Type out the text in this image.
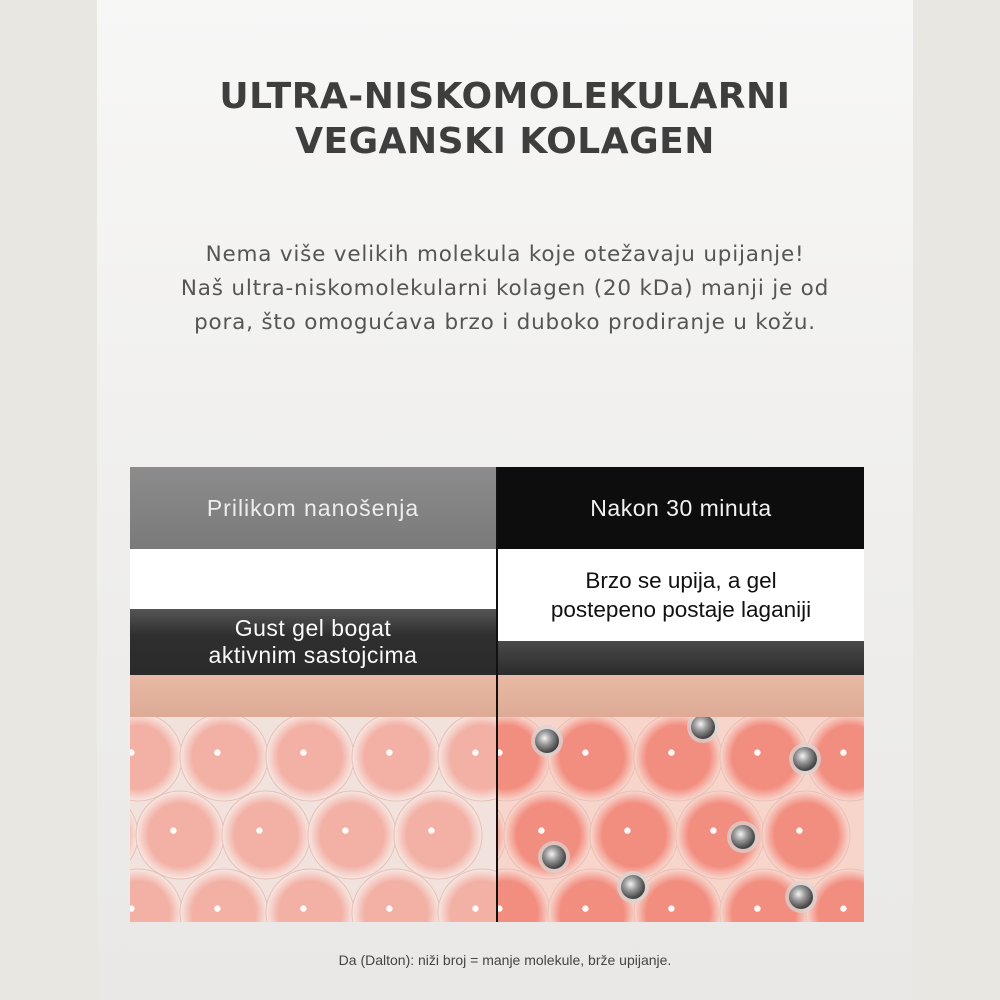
ULTRA-NISKOMOLEKULARNI
VEGANSKI KOLAGEN
Nema više velikih molekula koje otežavaju upijanje!
Naš ultra-niskomolekularni kolagen (20 kDa) manji je od
pora, što omogućava brzo i duboko prodiranje u kožu.
Prilikom nanošenja
Gust gel bogat
aktivnim sastojcima
Nakon 30 minuta
Brzo se upija, a gel
postepeno postaje laganiji
Da (Dalton): niži broj = manje molekule, brže upijanje.
